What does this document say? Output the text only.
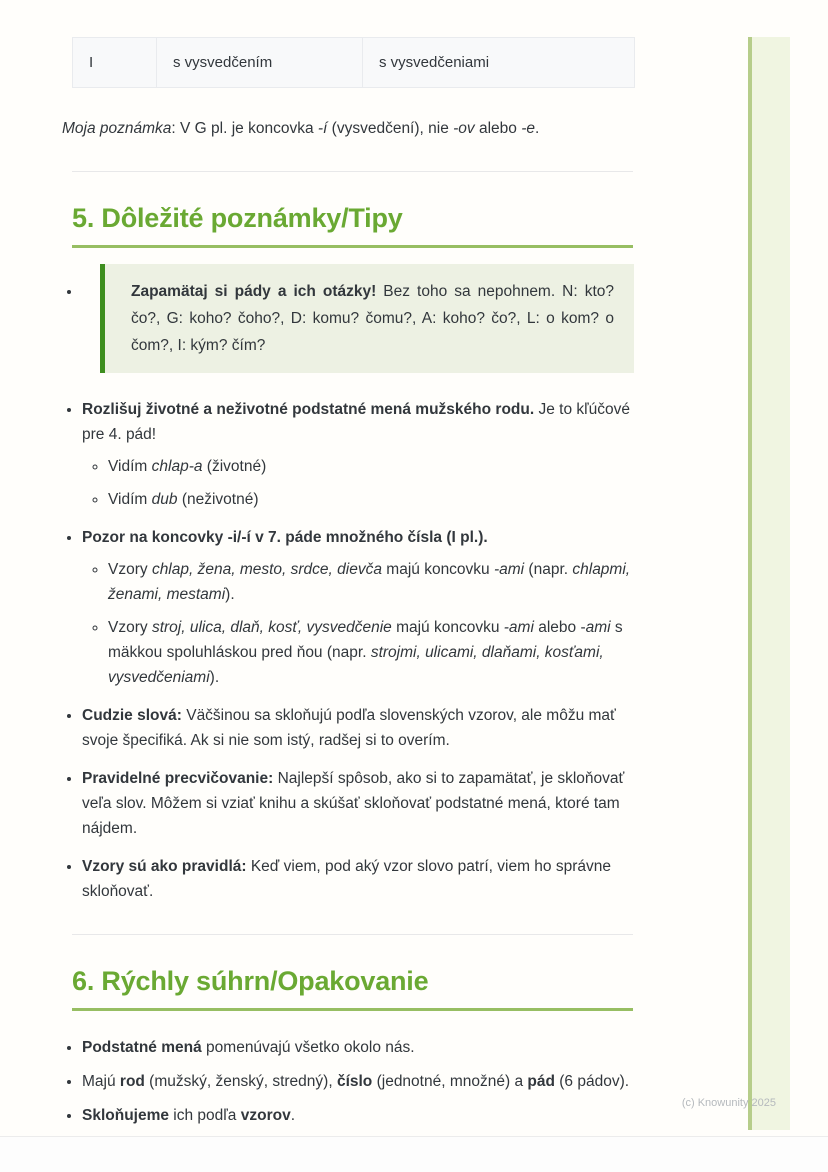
I	s vysvedčením	s vysvedčeniami

Moja poznámka: V G pl. je koncovka -í (vysvedčení), nie -ov alebo -e.

5. Dôležité poznámky/Tipy
• Zapamätaj si pády a ich otázky! Bez toho sa nepohnem. N: kto? čo?, G: koho? čoho?, D: komu? čomu?, A: koho? čo?, L: o kom? o čom?, I: kým? čím?
• Rozlišuj životné a neživotné podstatné mená mužského rodu. Je to kľúčové pre 4. pád!
◦ Vidím chlap-a (životné)
◦ Vidím dub (neživotné)
• Pozor na koncovky -i/-í v 7. páde množného čísla (I pl.).
◦ Vzory chlap, žena, mesto, srdce, dievča majú koncovku -ami (napr. chlapmi, ženami, mestami).
◦ Vzory stroj, ulica, dlaň, kosť, vysvedčenie majú koncovku -ami alebo -ami s mäkkou spoluhláskou pred ňou (napr. strojmi, ulicami, dlaňami, kosťami, vysvedčeniami).
• Cudzie slová: Väčšinou sa skloňujú podľa slovenských vzorov, ale môžu mať svoje špecifiká. Ak si nie som istý, radšej si to overím.
• Pravidelné precvičovanie: Najlepší spôsob, ako si to zapamätať, je skloňovať veľa slov. Môžem si vziať knihu a skúšať skloňovať podstatné mená, ktoré tam nájdem.
• Vzory sú ako pravidlá: Keď viem, pod aký vzor slovo patrí, viem ho správne skloňovať.
6. Rýchly súhrn/Opakovanie
• Podstatné mená pomenúvajú všetko okolo nás.
• Majú rod (mužský, ženský, stredný), číslo (jednotné, množné) a pád (6 pádov).
• Skloňujeme ich podľa vzorov.
(c) Knowunity 2025
